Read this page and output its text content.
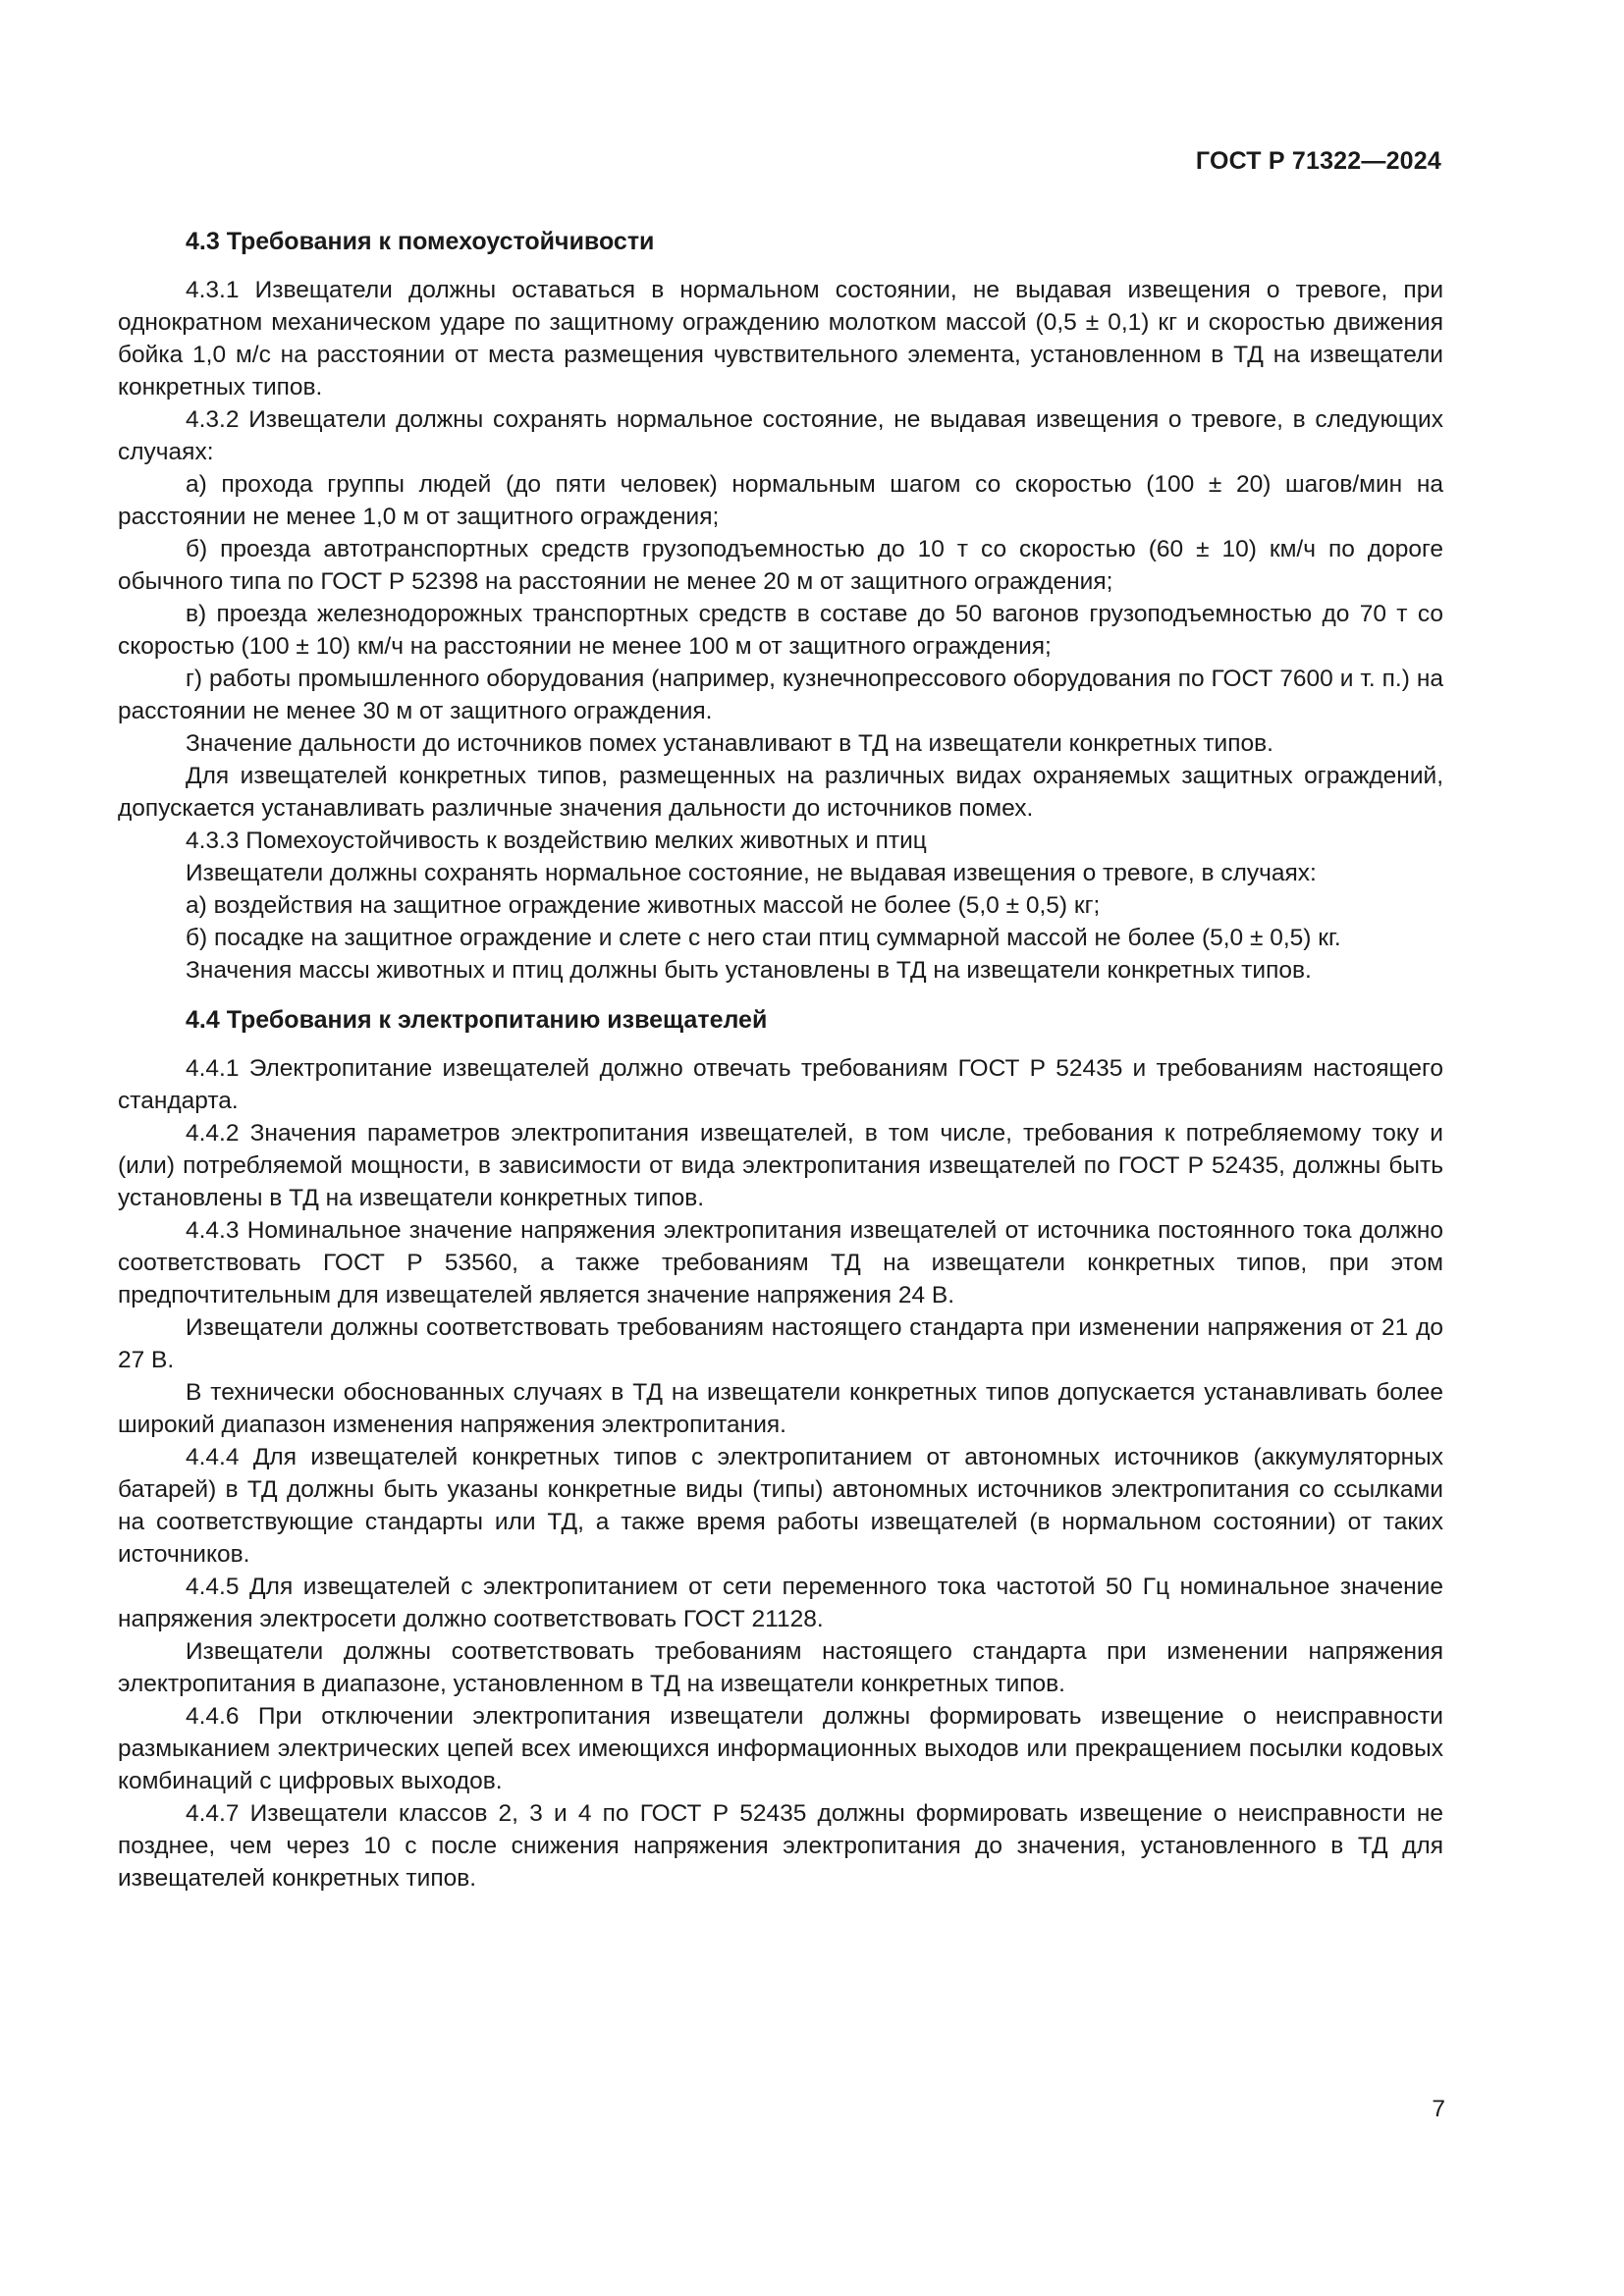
ГОСТ Р 71322—2024
4.3 Требования к помехоустойчивости

4.3.1 Извещатели должны оставаться в нормальном состоянии, не выдавая извещения о тревоге, при однократном механическом ударе по защитному ограждению молотком массой (0,5 ± 0,1) кг и скоростью движения бойка 1,0 м/с на расстоянии от места размещения чувствительного элемента, установленном в ТД на извещатели конкретных типов.

4.3.2 Извещатели должны сохранять нормальное состояние, не выдавая извещения о тревоге, в следующих случаях:

а) прохода группы людей (до пяти человек) нормальным шагом со скоростью (100 ± 20) шагов/мин на расстоянии не менее 1,0 м от защитного ограждения;

б) проезда автотранспортных средств грузоподъемностью до 10 т со скоростью (60 ± 10) км/ч по дороге обычного типа по ГОСТ Р 52398 на расстоянии не менее 20 м от защитного ограждения;

в) проезда железнодорожных транспортных средств в составе до 50 вагонов грузоподъемностью до 70 т со скоростью (100 ± 10) км/ч на расстоянии не менее 100 м от защитного ограждения;

г) работы промышленного оборудования (например, кузнечнопрессового оборудования по ГОСТ 7600 и т. п.) на расстоянии не менее 30 м от защитного ограждения.

Значение дальности до источников помех устанавливают в ТД на извещатели конкретных типов.

Для извещателей конкретных типов, размещенных на различных видах охраняемых защитных ограждений, допускается устанавливать различные значения дальности до источников помех.

4.3.3 Помехоустойчивость к воздействию мелких животных и птиц

Извещатели должны сохранять нормальное состояние, не выдавая извещения о тревоге, в случаях:

а) воздействия на защитное ограждение животных массой не более (5,0 ± 0,5) кг;

б) посадке на защитное ограждение и слете с него стаи птиц суммарной массой не более (5,0 ± 0,5) кг.

Значения массы животных и птиц должны быть установлены в ТД на извещатели конкретных типов.

4.4 Требования к электропитанию извещателей

4.4.1 Электропитание извещателей должно отвечать требованиям ГОСТ Р 52435 и требованиям настоящего стандарта.

4.4.2 Значения параметров электропитания извещателей, в том числе, требования к потребляемому току и (или) потребляемой мощности, в зависимости от вида электропитания извещателей по ГОСТ Р 52435, должны быть установлены в ТД на извещатели конкретных типов.

4.4.3 Номинальное значение напряжения электропитания извещателей от источника постоянного тока должно соответствовать ГОСТ Р 53560, а также требованиям ТД на извещатели конкретных типов, при этом предпочтительным для извещателей является значение напряжения 24 В.

Извещатели должны соответствовать требованиям настоящего стандарта при изменении напряжения от 21 до 27 В.

В технически обоснованных случаях в ТД на извещатели конкретных типов допускается устанавливать более широкий диапазон изменения напряжения электропитания.

4.4.4 Для извещателей конкретных типов с электропитанием от автономных источников (аккумуляторных батарей) в ТД должны быть указаны конкретные виды (типы) автономных источников электропитания со ссылками на соответствующие стандарты или ТД, а также время работы извещателей (в нормальном состоянии) от таких источников.

4.4.5 Для извещателей с электропитанием от сети переменного тока частотой 50 Гц номинальное значение напряжения электросети должно соответствовать ГОСТ 21128.

Извещатели должны соответствовать требованиям настоящего стандарта при изменении напряжения электропитания в диапазоне, установленном в ТД на извещатели конкретных типов.

4.4.6 При отключении электропитания извещатели должны формировать извещение о неисправности размыканием электрических цепей всех имеющихся информационных выходов или прекращением посылки кодовых комбинаций с цифровых выходов.

4.4.7 Извещатели классов 2, 3 и 4 по ГОСТ Р 52435 должны формировать извещение о неисправности не позднее, чем через 10 с после снижения напряжения электропитания до значения, установленного в ТД для извещателей конкретных типов.

7
